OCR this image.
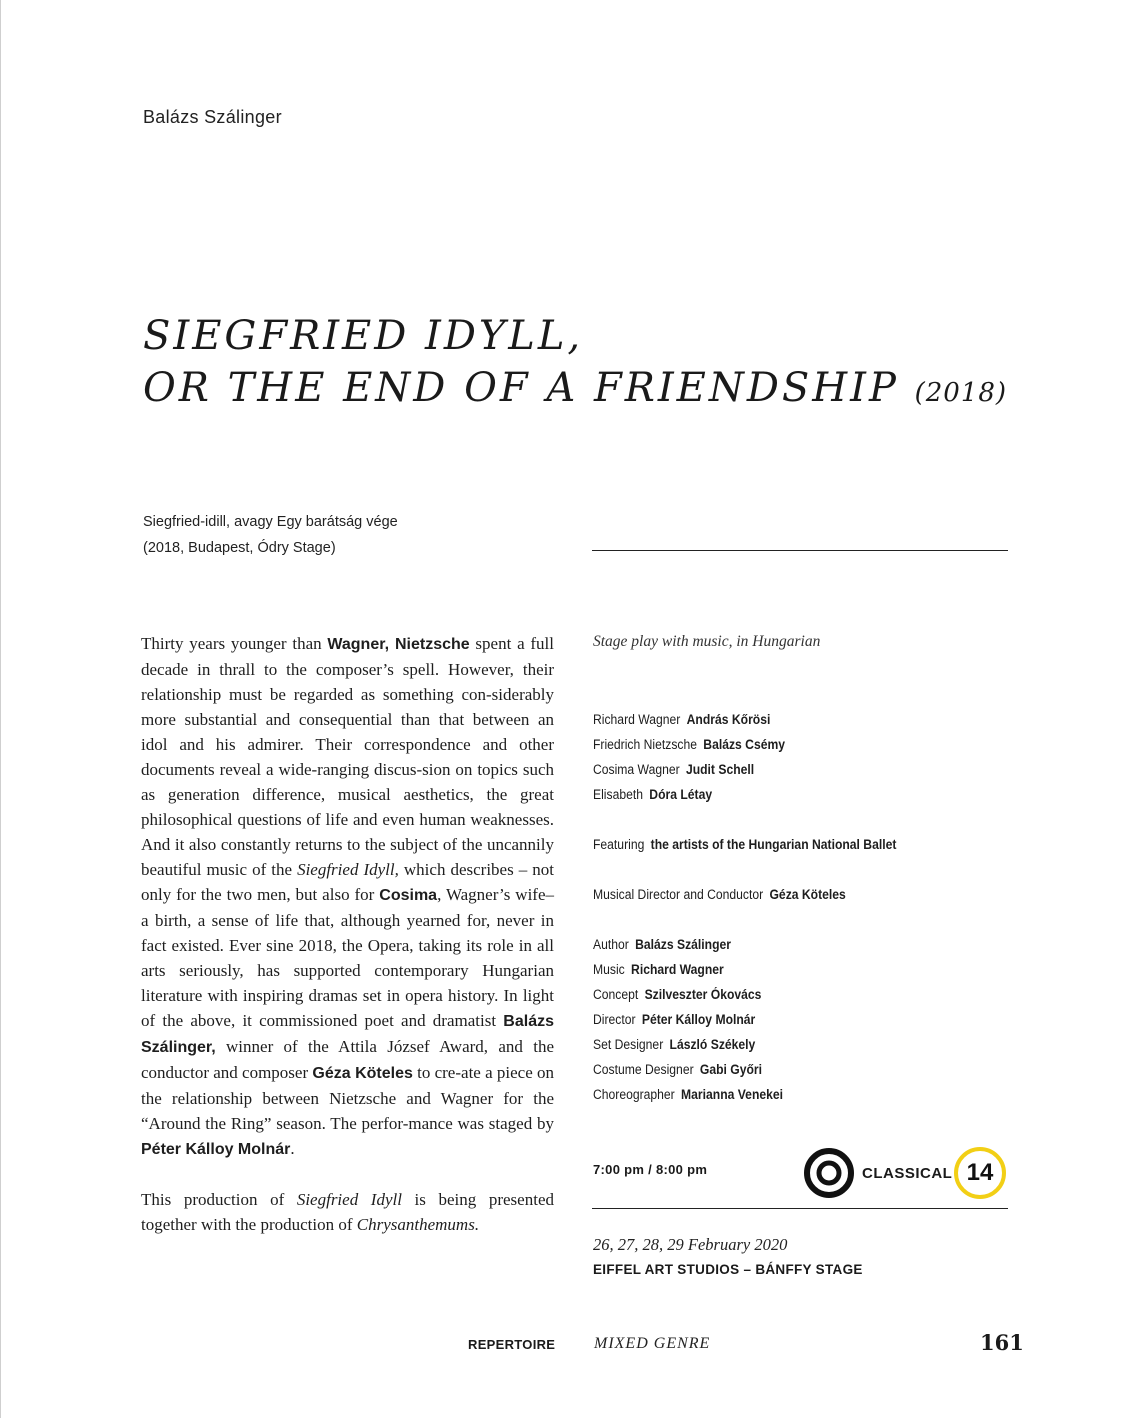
Balázs Szálinger
SIEGFRIED IDYLL,
OR THE END OF A FRIENDSHIP (2018)
Siegfried-idill, avagy Egy barátság vége
(2018, Budapest, Ódry Stage)

Thirty years younger than Wagner, Nietzsche spent a full decade in thrall to the composer’s spell. However, their relationship must be regarded as something con-siderably more substantial and consequential than that between an idol and his admirer. Their correspondence and other documents reveal a wide-ranging discus-sion on topics such as generation difference, musical aesthetics, the great philosophical questions of life and even human weaknesses. And it also constantly returns to the subject of the uncannily beautiful music of the Siegfried Idyll, which describes – not only for the two men, but also for Cosima, Wagner’s wife– a birth, a sense of life that, although yearned for, never in fact existed. Ever sine 2018, the Opera, taking its role in all arts seriously, has supported contemporary Hungarian literature with inspiring dramas set in opera history. In light of the above, it commissioned poet and dramatist Balázs Szálinger, winner of the Attila József Award, and the conductor and composer Géza Köteles to cre-ate a piece on the relationship between Nietzsche and Wagner for the “Around the Ring” season. The perfor-mance was staged by Péter Kálloy Molnár.

This production of Siegfried Idyll is being presented together with the production of Chrysanthemums.

Stage play with music, in Hungarian
Richard Wagner András Kőrösi
Friedrich Nietzsche Balázs Csémy
Cosima Wagner Judit Schell
Elisabeth Dóra Létay
Featuring the artists of the Hungarian National Ballet
Musical Director and Conductor Géza Köteles
Author Balázs Szálinger
Music Richard Wagner
Concept Szilveszter Ókovács
Director Péter Kálloy Molnár
Set Designer László Székely
Costume Designer Gabi Győri
Choreographer Marianna Venekei
7:00 pm / 8:00 pm	CLASSICAL 14
26, 27, 28, 29 February 2020
EIFFEL ART STUDIOS – BÁNFFY STAGE
REPERTOIRE MIXED GENRE	161
